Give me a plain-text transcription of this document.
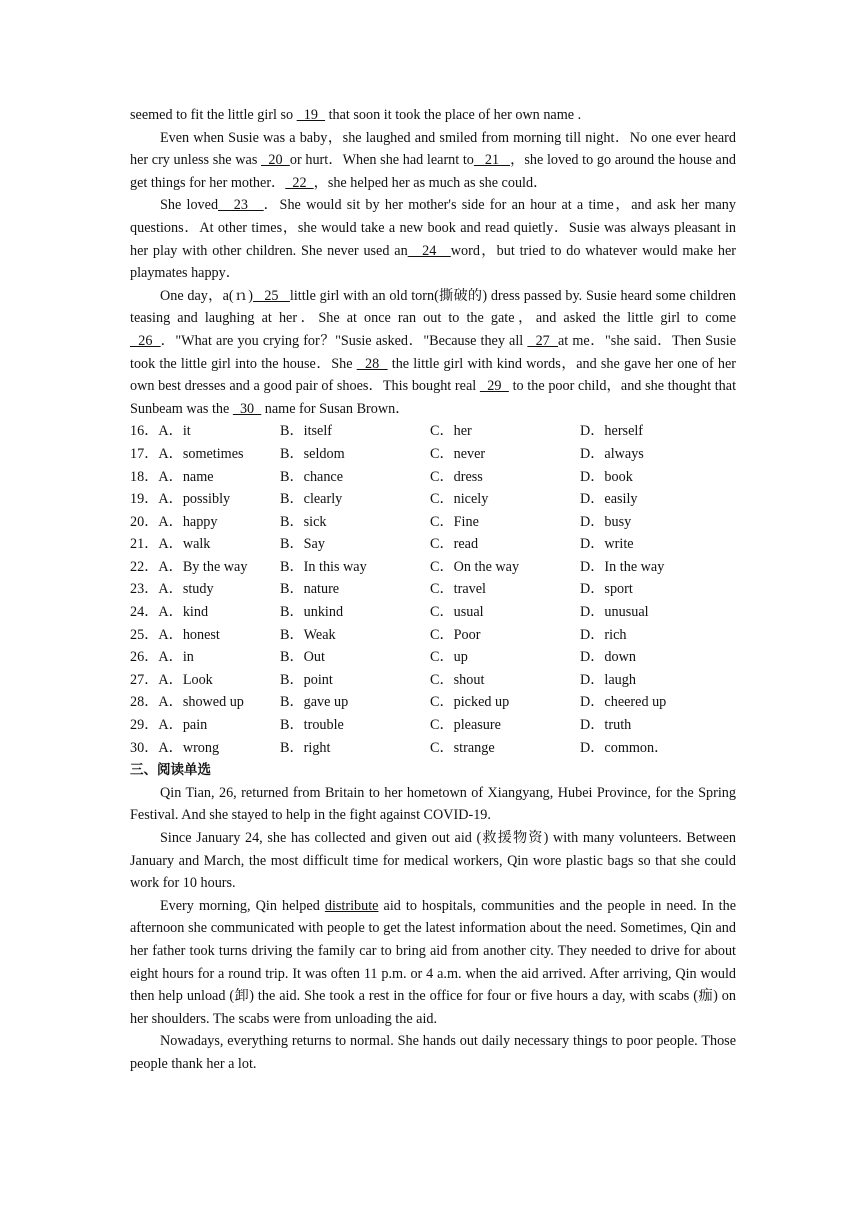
seemed to fit the little girl so   19   that soon it took the place of her own name .

Even when Susie was a baby，she laughed and smiled from morning till night．No one ever heard her cry unless she was   20  or hurt．When she had learnt to   21   ，she loved to go around the house and get things for her mother．  22  ，she helped her as much as she could．

She loved   23   ．She would sit by her mother's side for an hour at a time，and ask her many questions．At other times，she would take a new book and read quietly．Susie was always pleasant in her play with other children. She never used an   24   word，but tried to do whatever would make her playmates happy．

One day，a(ｎ)   25   little girl with an old torn(撕破的) dress passed by. Susie heard some children teasing and laughing at her．She at once ran out to the gate，and asked the little girl to come   26  ．"What are you crying for？"Susie asked．"Because they all   27  at me．"she said．Then Susie took the little girl into the house．She   28   the little girl with kind words，and she gave her one of her own best dresses and a good pair of shoes．This bought real   29   to the poor child，and she thought that Sunbeam was the   30   name for Susan Brown．

16．A．it	B．itself	C．her	D．herself
17．A．sometimes	B．seldom	C．never	D．always
18．A．name	B．chance	C．dress	D．book
19．A．possibly	B．clearly	C．nicely	D．easily
20．A．happy	B．sick	C．Fine	D．busy
21．A．walk	B．Say	C．read	D．write
22．A．By the way B．In this way	C．On the way	D．In the way
23．A．study	B．nature	C．travel	D．sport
24．A．kind	B．unkind	C．usual	D．unusual
25．A．honest	B．Weak	C．Poor	D．rich
26．A．in	B．Out	C．up	D．down
27．A．Look	B．point	C．shout	D．laugh
28．A．showed up	B．gave up	C．picked up	D．cheered up
29．A．pain	B．trouble	C．pleasure	D．truth
30．A．wrong	B．right	C．strange	D．common．
三、阅读单选

Qin Tian, 26, returned from Britain to her hometown of Xiangyang, Hubei Province, for the Spring Festival. And she stayed to help in the fight against COVID-19.

Since January 24, she has collected and given out aid (救援物资) with many volunteers. Between January and March, the most difficult time for medical workers, Qin wore plastic bags so that she could work for 10 hours.

Every morning, Qin helped distribute aid to hospitals, communities and the people in need. In the afternoon she communicated with people to get the latest information about the need. Sometimes, Qin and her father took turns driving the family car to bring aid from another city. They needed to drive for about eight hours for a round trip. It was often 11 p.m. or 4 a.m. when the aid arrived. After arriving, Qin would then help unload (卸) the aid. She took a rest in the office for four or five hours a day, with scabs (痂) on her shoulders. The scabs were from unloading the aid.

Nowadays, everything returns to normal. She hands out daily necessary things to poor people. Those people thank her a lot.
